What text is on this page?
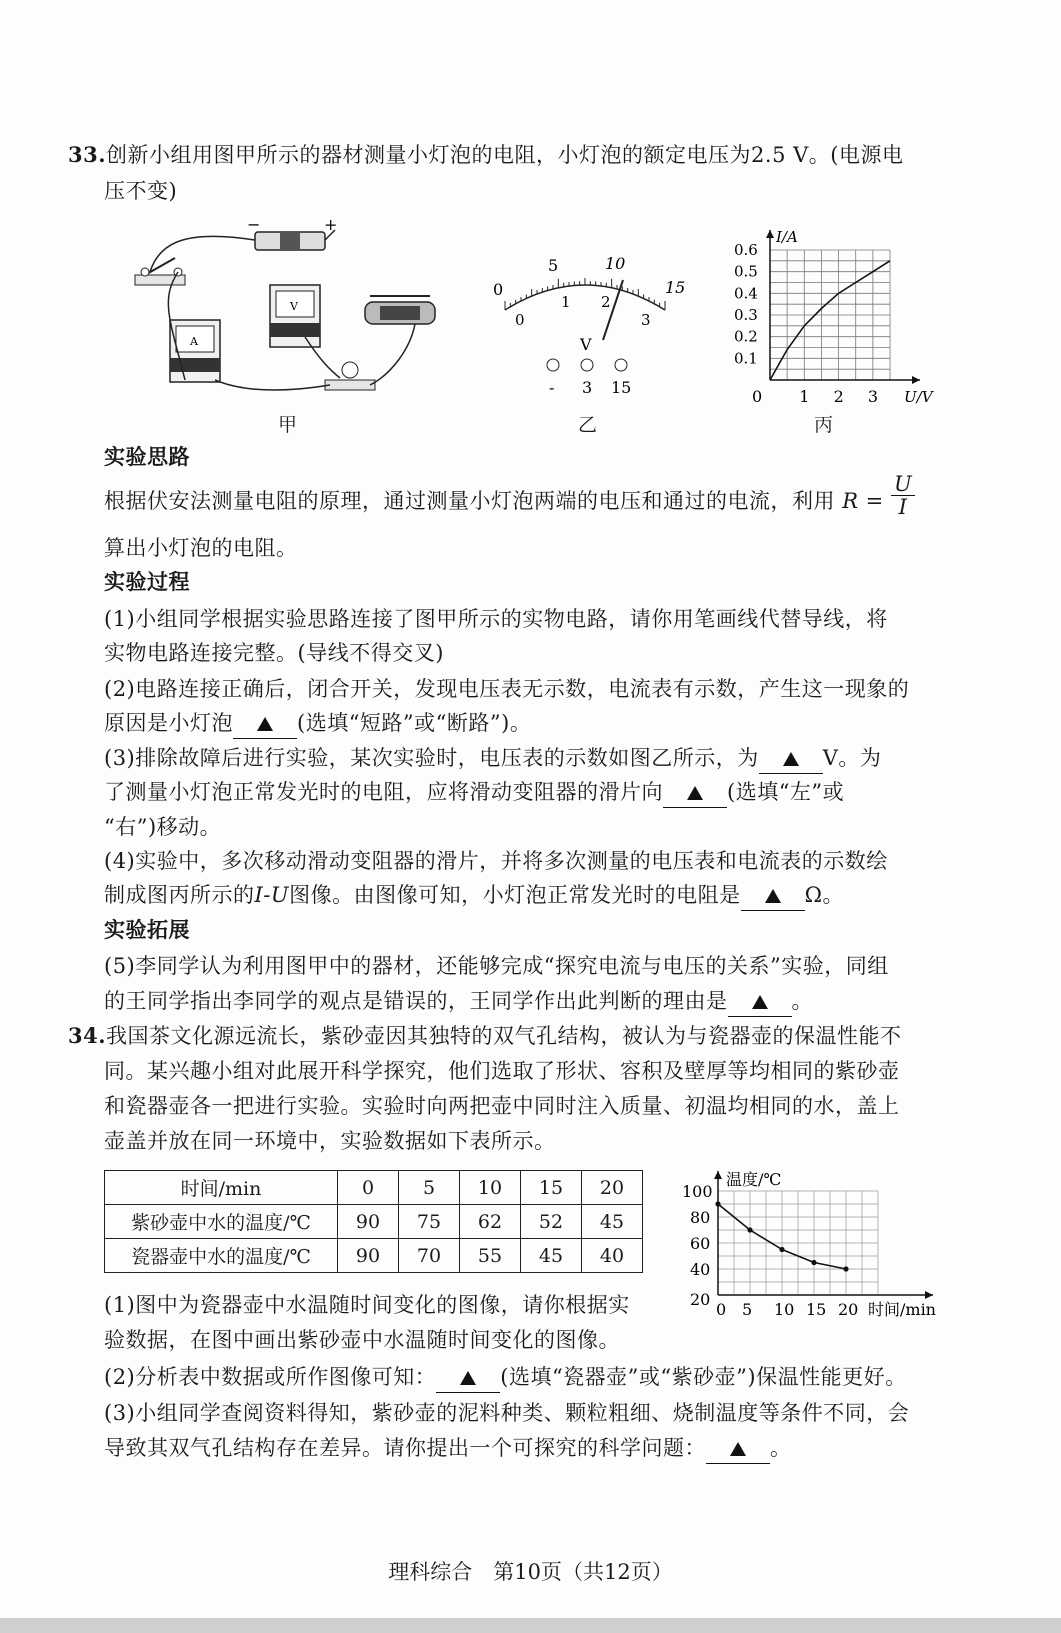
33.创新小组用图甲所示的器材测量小灯泡的电阻，小灯泡的额定电压为2.5 V。(电源电
压不变)
−	+
A
V
0
5	10
15
0
1 2
3
V
- 3 15	0 1 2 3
0.1
0.2
0.3
0.4
0.5
0.6
U/V
I/A
甲	乙	丙
实验思路
根据伏安法测量电阻的原理，通过测量小灯泡两端的电压和通过的电流，利用 $R = \frac{U}{I}$
算出小灯泡的电阻。
实验过程
(1)小组同学根据实验思路连接了图甲所示的实物电路，请你用笔画线代替导线，将
实物电路连接完整。(导线不得交叉)
(2)电路连接正确后，闭合开关，发现电压表无示数，电流表有示数，产生这一现象的
原因是小灯泡	(选填“短路”或“断路”)。
(3)排除故障后进行实验，某次实验时，电压表的示数如图乙所示，为	V。为
了测量小灯泡正常发光时的电阻，应将滑动变阻器的滑片向	(选填“左”或
“右”)移动。
(4)实验中，多次移动滑动变阻器的滑片，并将多次测量的电压表和电流表的示数绘
制成图丙所示的I-U图像。由图像可知，小灯泡正常发光时的电阻是	Ω。
实验拓展
(5)李同学认为利用图甲中的器材，还能够完成“探究电流与电压的关系”实验，同组
的王同学指出李同学的观点是错误的，王同学作出此判断的理由是	。
34.我国茶文化源远流长，紫砂壶因其独特的双气孔结构，被认为与瓷器壶的保温性能不
同。某兴趣小组对此展开科学探究，他们选取了形状、容积及壁厚等均相同的紫砂壶
和瓷器壶各一把进行实验。实验时向两把壶中同时注入质量、初温均相同的水，盖上
壶盖并放在同一环境中，实验数据如下表所示。
时间/min	0	5	10	15	20
紫砂壶中水的温度/℃	90	75	62	52	45
瓷器壶中水的温度/℃	90	70	55	45	40
0 5 10 15 20
20
40
60
80
100
时间/min
温度/℃
(1)图中为瓷器壶中水温随时间变化的图像，请你根据实
验数据，在图中画出紫砂壶中水温随时间变化的图像。
(2)分析表中数据或所作图像可知：	(选填“瓷器壶”或“紫砂壶”)保温性能更好。
(3)小组同学查阅资料得知，紫砂壶的泥料种类、颗粒粗细、烧制温度等条件不同，会
导致其双气孔结构存在差异。请你提出一个可探究的科学问题：	。
理科综合　第10页（共12页）
